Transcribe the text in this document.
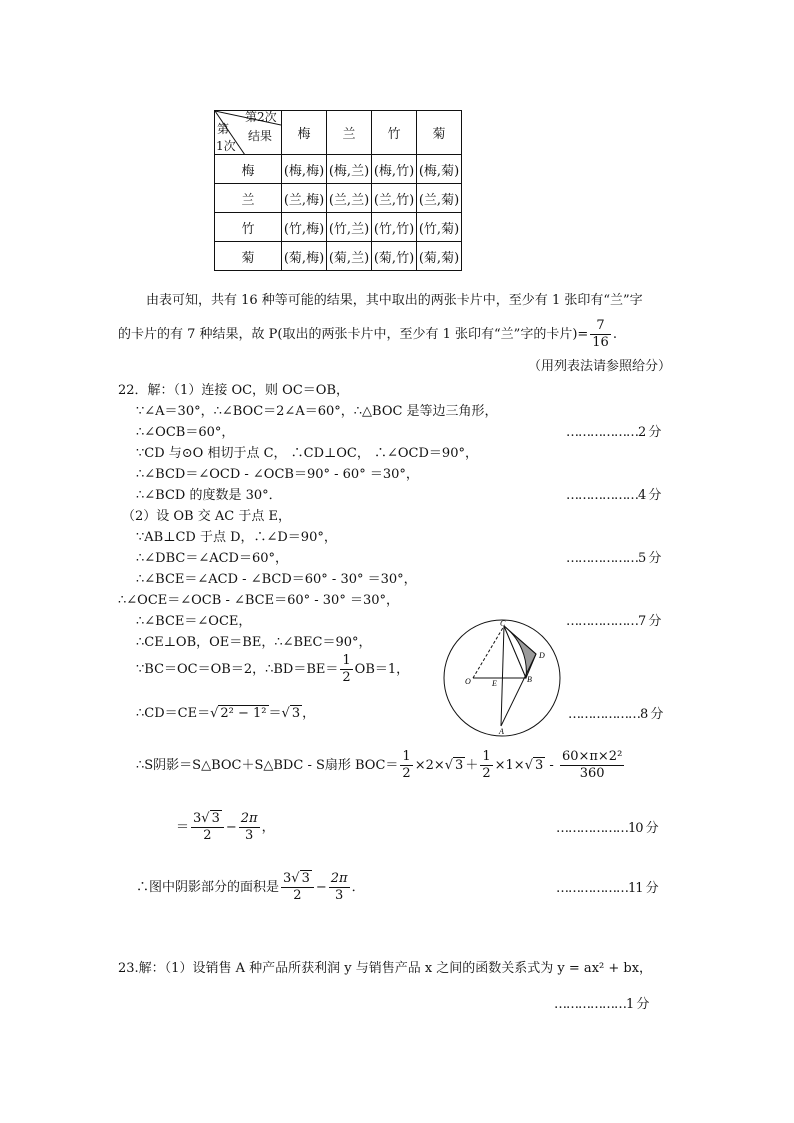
第2次
结果
第
1次	梅	兰	竹	菊
梅	(梅,梅)	(梅,兰)	(梅,竹)	(梅,菊)
兰	(兰,梅)	(兰,兰)	(兰,竹)	(兰,菊)
竹	(竹,梅)	(竹,兰)	(竹,竹)	(竹,菊)
菊	(菊,梅)	(菊,兰)	(菊,竹)	(菊,菊)
由表可知，共有 16 种等可能的结果，其中取出的两张卡片中，至少有 1 张印有“兰”字
的卡片的有 7 种结果，故 P(取出的两张卡片中，至少有 1 张印有“兰”字的卡片)= $\frac{7}{16}$ .
（用列表法请参照给分）
22．解：（1）连接 OC，则 OC＝OB，
∵∠A＝30°，∴∠BOC＝2∠A＝60°，∴△BOC 是等边三角形，
∴∠OCB＝60°，	………………2 分
∵CD 与⊙O 相切于点 C， ∴CD⊥OC， ∴∠OCD＝90°，
∴∠BCD＝∠OCD - ∠OCB＝90° - 60° ＝30°，
∴∠BCD 的度数是 30°．	………………4 分
（2）设 OB 交 AC 于点 E，
∵AB⊥CD 于点 D，∴∠D＝90°，
∴∠DBC＝∠ACD＝60°，	………………5 分
∴∠BCE＝∠ACD - ∠BCD＝60° - 30° ＝30°，
∴∠OCE＝∠OCB - ∠BCE＝60° - 30° ＝30°，
∴∠BCE＝∠OCE，	………………7 分
∴CE⊥OB，OE＝BE，∴∠BEC＝90°，
∵BC＝OC＝OB＝2，∴BD＝BE＝ $\frac{1}{2} OB=1$，
∴CD＝CE＝√ 2² − 1² ＝√ 3 ，	………………8 分
∴S阴影＝S△BOC＋S△BDC - S扇形 $BOC= \frac{1}{2} \times 2\times√$ $3 + \frac{1}{2} \times 1\times√$ $3 - \frac{\text{60×π×2²}}{360}$
＝ $\frac{3√ 3}{2} - \frac{2\pi}{3}$ ，	………………10 分
∴图中阴影部分的面积是 $\frac{3√ 3}{2} - \frac{2\pi}{3}$ ．	………………11 分
C
D
O	E	B
A
23.解：（1）设销售 A 种产品所获利润 y 与销售产品 x 之间的函数关系式为 y = ax² + bx，
………………1 分
